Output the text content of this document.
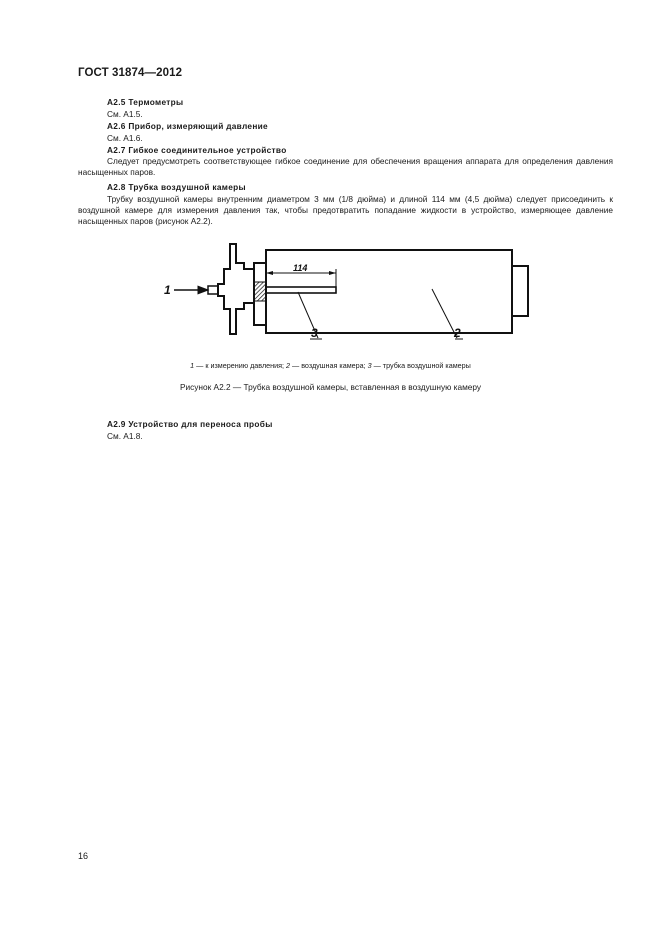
ГОСТ 31874—2012
А2.5 Термометры
См. А1.5.
А2.6 Прибор, измеряющий давление
См. А1.6.
А2.7 Гибкое соединительное устройство
Следует предусмотреть соответствующее гибкое соединение для обеспечения вращения аппарата для определения давления насыщенных паров.
А2.8 Трубка воздушной камеры
Трубку воздушной камеры внутренним диаметром 3 мм (1/8 дюйма) и длиной 114 мм (4,5 дюйма) следует присоединить к воздушной камере для измерения давления так, чтобы предотвратить попадание жидкости в устройство, измеряющее давление насыщенных паров (рисунок А2.2).
114
1
3	2
1 — к измерению давления; 2 — воздушная камера; 3 — трубка воздушной камеры
Рисунок А2.2 — Трубка воздушной камеры, вставленная в воздушную камеру
А2.9 Устройство для переноса пробы
См. А1.8.
16
